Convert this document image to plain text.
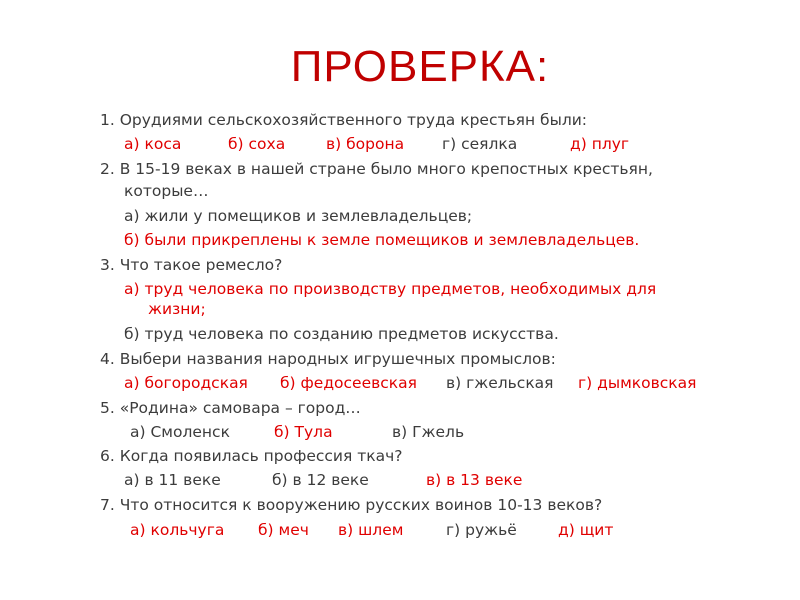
ПРОВЕРКА:
1. Орудиями сельскохозяйственного труда крестьян были:
а) коса	б) соха	в) борона г) сеялка	д) плуг
2. В 15-19 веках в нашей стране было много крепостных крестьян,
которые…
а) жили у помещиков и землевладельцев;
б) были прикреплены к земле помещиков и землевладельцев.
3. Что такое ремесло?
а) труд человека по производству предметов, необходимых для
жизни;
б) труд человека по созданию предметов искусства.
4. Выбери названия народных игрушечных промыслов:
а) богородская б) федосеевская в) гжельская г) дымковская
5. «Родина» самовара – город…
а) Смоленск	б) Тула	в) Гжель
6. Когда появилась профессия ткач?
а) в 11 веке	б) в 12 веке	в) в 13 веке
7. Что относится к вооружению русских воинов 10-13 веков?
а) кольчуга б) меч в) шлем	г) ружьё	д) щит
